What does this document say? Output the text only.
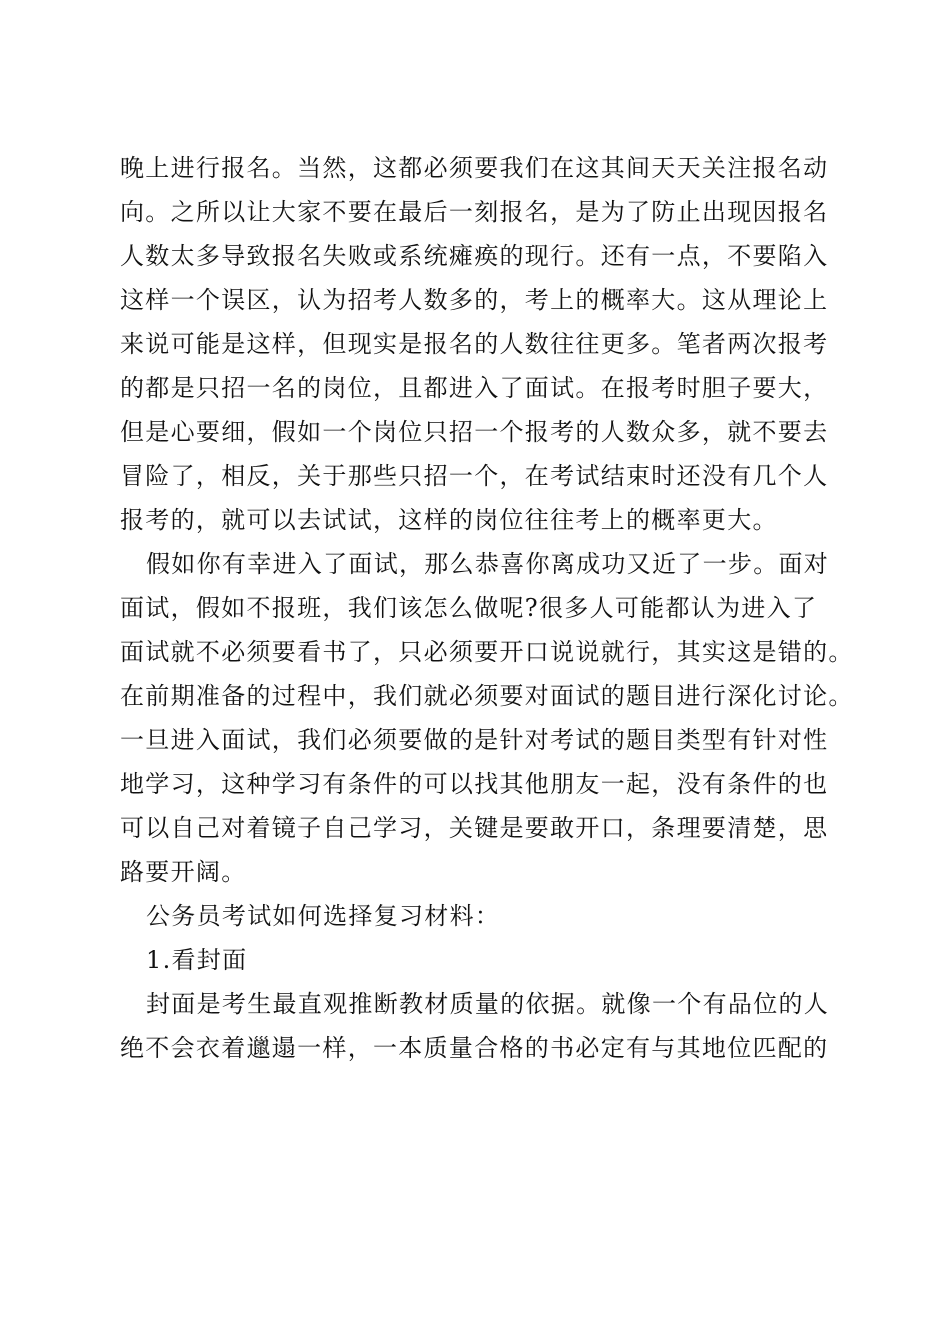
晚上进行报名。当然，这都必须要我们在这其间天天关注报名动
向。之所以让大家不要在最后一刻报名，是为了防止出现因报名
人数太多导致报名失败或系统瘫痪的现行。还有一点，不要陷入
这样一个误区，认为招考人数多的，考上的概率大。这从理论上
来说可能是这样，但现实是报名的人数往往更多。笔者两次报考
的都是只招一名的岗位，且都进入了面试。在报考时胆子要大，
但是心要细，假如一个岗位只招一个报考的人数众多，就不要去
冒险了，相反，关于那些只招一个，在考试结束时还没有几个人
报考的，就可以去试试，这样的岗位往往考上的概率更大。
假如你有幸进入了面试，那么恭喜你离成功又近了一步。面对
面试，假如不报班，我们该怎么做呢?很多人可能都认为进入了
面试就不必须要看书了，只必须要开口说说就行，其实这是错的。
在前期准备的过程中，我们就必须要对面试的题目进行深化讨论。
一旦进入面试，我们必须要做的是针对考试的题目类型有针对性
地学习，这种学习有条件的可以找其他朋友一起，没有条件的也
可以自己对着镜子自己学习，关键是要敢开口，条理要清楚，思
路要开阔。
公务员考试如何选择复习材料：
1.看封面
封面是考生最直观推断教材质量的依据。就像一个有品位的人
绝不会衣着邋遢一样，一本质量合格的书必定有与其地位匹配的
